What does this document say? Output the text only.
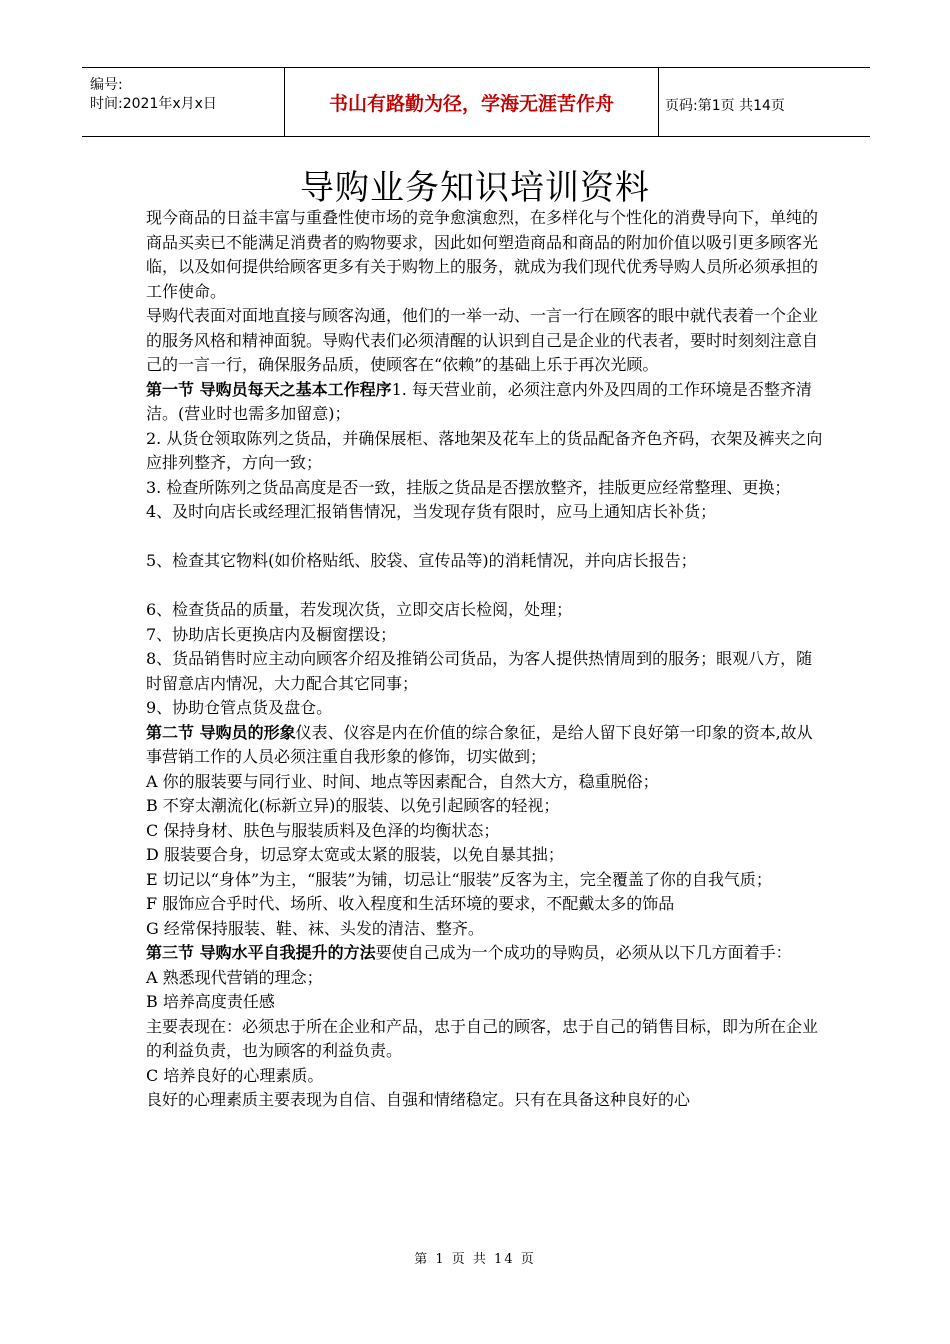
编号:
时间:2021年x月x日	书山有路勤为径，学海无涯苦作舟	页码:第1页 共14页
导购业务知识培训资料

现今商品的日益丰富与重叠性使市场的竞争愈演愈烈，在多样化与个性化的消费导向下，单纯的商品买卖已不能满足消费者的购物要求，因此如何塑造商品和商品的附加价值以吸引更多顾客光临，以及如何提供给顾客更多有关于购物上的服务，就成为我们现代优秀导购人员所必须承担的工作使命。

导购代表面对面地直接与顾客沟通，他们的一举一动、一言一行在顾客的眼中就代表着一个企业的服务风格和精神面貌。导购代表们必须清醒的认识到自己是企业的代表者，要时时刻刻注意自己的一言一行，确保服务品质，使顾客在“依赖”的基础上乐于再次光顾。

第一节 导购员每天之基本工作程序1. 每天营业前，必须注意内外及四周的工作环境是否整齐清洁。(营业时也需多加留意)；

2. 从货仓领取陈列之货品，并确保展柜、落地架及花车上的货品配备齐色齐码，衣架及裤夹之向应排列整齐，方向一致；

3. 检查所陈列之货品高度是否一致，挂版之货品是否摆放整齐，挂版更应经常整理、更换；

4、及时向店长或经理汇报销售情况，当发现存货有限时，应马上通知店长补货；

5、检查其它物料(如价格贴纸、胶袋、宣传品等)的消耗情况，并向店长报告；

6、检查货品的质量，若发现次货，立即交店长检阅，处理；

7、协助店长更换店内及橱窗摆设；

8、货品销售时应主动向顾客介绍及推销公司货品，为客人提供热情周到的服务；眼观八方，随时留意店内情况，大力配合其它同事；

9、协助仓管点货及盘仓。

第二节 导购员的形象仪表、仪容是内在价值的综合象征，是给人留下良好第一印象的资本,故从事营销工作的人员必须注重自我形象的修饰，切实做到；

A 你的服装要与同行业、时间、地点等因素配合，自然大方，稳重脱俗；

B 不穿太潮流化(标新立异)的服装、以免引起顾客的轻视；

C 保持身材、肤色与服装质料及色泽的均衡状态；

D 服装要合身，切忌穿太宽或太紧的服装，以免自暴其拙；

E 切记以“身体”为主，“服装”为铺，切忌让“服装”反客为主，完全覆盖了你的自我气质；

F 服饰应合乎时代、场所、收入程度和生活环境的要求，不配戴太多的饰品

G 经常保持服装、鞋、袜、头发的清洁、整齐。

第三节 导购水平自我提升的方法要使自己成为一个成功的导购员，必须从以下几方面着手：

A 熟悉现代营销的理念；

B 培养高度责任感

主要表现在：必须忠于所在企业和产品，忠于自己的顾客，忠于自己的销售目标，即为所在企业的利益负责，也为顾客的利益负责。

C 培养良好的心理素质。

良好的心理素质主要表现为自信、自强和情绪稳定。只有在具备这种良好的心

第 1 页 共 14 页
